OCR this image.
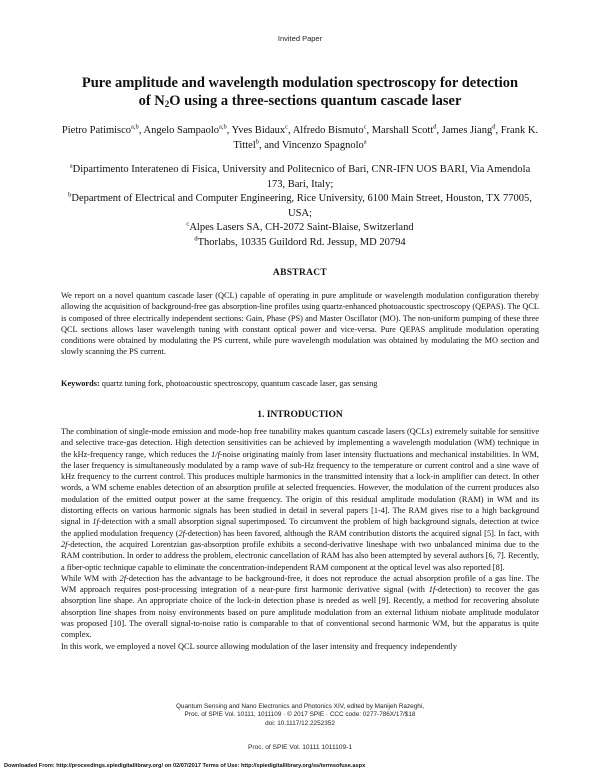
Invited Paper
Pure amplitude and wavelength modulation spectroscopy for detection
of $N_2O$ using a three-sections quantum cascade laser
Pietro Patimisco$^{a,b}$, Angelo Sampaolo$^{a,b}$, Yves Bidaux$^c$, Alfredo Bismuto$^c$, Marshall Scott$^d$, James Jiang$^d$, Frank K. Tittel$^b$, and Vincenzo Spagnolo$^a$
$^a$Dipartimento Interateneo di Fisica, University and Politecnico of Bari, CNR-IFN UOS BARI, Via Amendola 173, Bari, Italy;
$^b$Department of Electrical and Computer Engineering, Rice University, 6100 Main Street, Houston, TX 77005, USA;
$^c$Alpes Lasers SA, CH-2072 Saint-Blaise, Switzerland
$^d$Thorlabs, 10335 Guildord Rd. Jessup, MD 20794
ABSTRACT
We report on a novel quantum cascade laser (QCL) capable of operating in pure amplitude or wavelength modulation configuration thereby allowing the acquisition of background-free gas absorption-line profiles using quartz-enhanced photoacoustic spectroscopy (QEPAS). The QCL is composed of three electrically independent sections: Gain, Phase (PS) and Master Oscillator (MO). The non-uniform pumping of these three QCL sections allows laser wavelength tuning with constant optical power and vice-versa. Pure QEPAS amplitude modulation operating conditions were obtained by modulating the PS current, while pure wavelength modulation was obtained by modulating the MO section and slowly scanning the PS current.
Keywords: quartz tuning fork, photoacoustic spectroscopy, quantum cascade laser, gas sensing
1. INTRODUCTION

The combination of single-mode emission and mode-hop free tunability makes quantum cascade lasers (QCLs) extremely suitable for sensitive and selective trace-gas detection. High detection sensitivities can be achieved by implementing a wavelength modulation (WM) technique in the kHz-frequency range, which reduces the 1/f-noise originating mainly from laser intensity fluctuations and mechanical instabilities. In WM, the laser frequency is simultaneously modulated by a ramp wave of sub-Hz frequency to the temperature or current control and a sine wave of kHz frequency to the current control. This produces multiple harmonics in the transmitted intensity that a lock-in amplifier can detect. In other words, a WM scheme enables detection of an absorption profile at selected frequencies. However, the modulation of the current produces also modulation of the emitted output power at the same frequency. The origin of this residual amplitude modulation (RAM) in WM and its distorting effects on various harmonic signals has been studied in detail in several papers [1-4]. The RAM gives rise to a high background signal in 1f-detection with a small absorption signal superimposed. To circumvent the problem of high background signals, detection at twice the applied modulation frequency (2f-detection) has been favored, although the RAM contribution distorts the acquired signal [5]. In fact, with 2f-detection, the acquired Lorentzian gas-absorption profile exhibits a second-derivative lineshape with two unbalanced minima due to the RAM contribution. In order to address the problem, electronic cancellation of RAM has also been attempted by several authors [6, 7]. Recently, a fiber-optic technique capable to eliminate the concentration-independent RAM component at the optical level was also reported [8].

While WM with 2f-detection has the advantage to be background-free, it does not reproduce the actual absorption profile of a gas line. The WM approach requires post-processing integration of a near-pure first harmonic derivative signal (with 1f-detection) to recover the gas absorption line shape. An appropriate choice of the lock-in detection phase is needed as well [9]. Recently, a method for recovering absolute absorption line shapes from noisy environments based on pure amplitude modulation from an external lithium niobate amplitude modulator was proposed [10]. The overall signal-to-noise ratio is comparable to that of conventional second harmonic WM, but the apparatus is quite complex.

In this work, we employed a novel QCL source allowing modulation of the laser intensity and frequency independently

Quantum Sensing and Nano Electronics and Photonics XIV, edited by Manijeh Razeghi,
Proc. of SPIE Vol. 10111, 1011109 · © 2017 SPIE · CCC code: 0277-786X/17/$18
doi: 10.1117/12.2252352
Proc. of SPIE Vol. 10111 1011109-1
Downloaded From: http://proceedings.spiedigitallibrary.org/ on 02/07/2017 Terms of Use: http://spiedigitallibrary.org/ss/termsofuse.aspx
